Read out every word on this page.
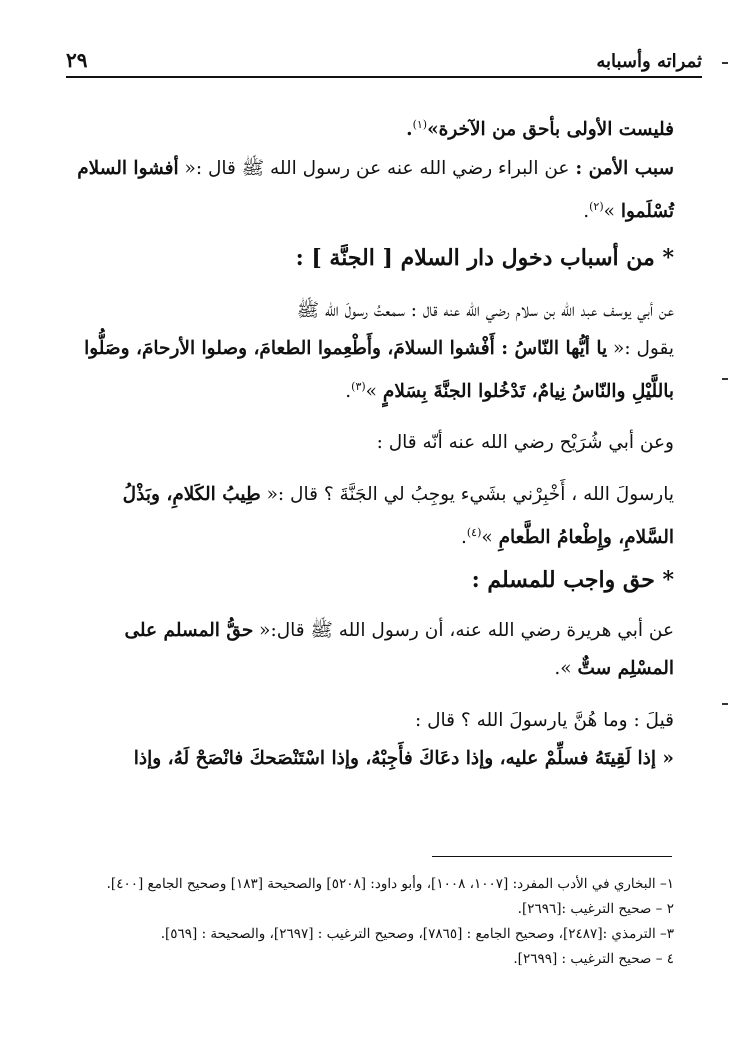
٢٩	ثمراته وأسبابه
فليست الأولى بأحق من الآخرة»$^{(١)}$.
سبب الأمن : عن البراء رضي الله عنه عن رسول الله ﷺ قال :« أفشوا السلام تُسْلَموا »$^{(٢)}$.
* من أسباب دخول دار السلام [ الجنَّة ] :
عن أبي يوسف عبد الله بن سلام رضي الله عنه قال : سمعتُ رسولَ الله ﷺ
يقول :« يا أيُّها النّاسُ : أَفْشوا السلامَ، وأَطْعِموا الطعامَ، وصلوا الأرحامَ، وصَلُّوا باللَّيْلِ والنّاسُ نِيامٌ، تَدْخُلوا الجنَّةَ بِسَلامٍ »$^{(٣)}$.
وعن أبي شُرَيْح رضي الله عنه أنّه قال :
يارسولَ الله ، أَخْبِرْني بشَيء يوجِبُ لي الجَنَّةَ ؟ قال :« طِيبُ الكَلامِ، وبَذْلُ السَّلامِ، وإِطْعامُ الطَّعامِ »$^{(٤)}$.
* حق واجب للمسلم :
عن أبي هريرة رضي الله عنه، أن رسول الله ﷺ قال:« حقُّ المسلم على المسْلِم ستٌّ ».
قيلَ : وما هُنَّ يارسولَ الله ؟ قال :
« إذا لَقِيتَهُ فسلِّمْ عليه، وإذا دعَاكَ فأَجِبْهُ، وإذا اسْتَنْصَحكَ فانْصَحْ لَهُ، وإذا
١– البخاري في الأدب المفرد: [١٠٠٧، ١٠٠٨]، وأبو داود: [٥٢٠٨] والصحيحة [١٨٣] وصحيح الجامع [٤٠٠].
٢ – صحيح الترغيب :[٢٦٩٦].
٣– الترمذي :[٢٤٨٧]، وصحيح الجامع : [٧٨٦٥]، وصحيح الترغيب : [٢٦٩٧]، والصحيحة : [٥٦٩].
٤ – صحيح الترغيب : [٢٦٩٩].
